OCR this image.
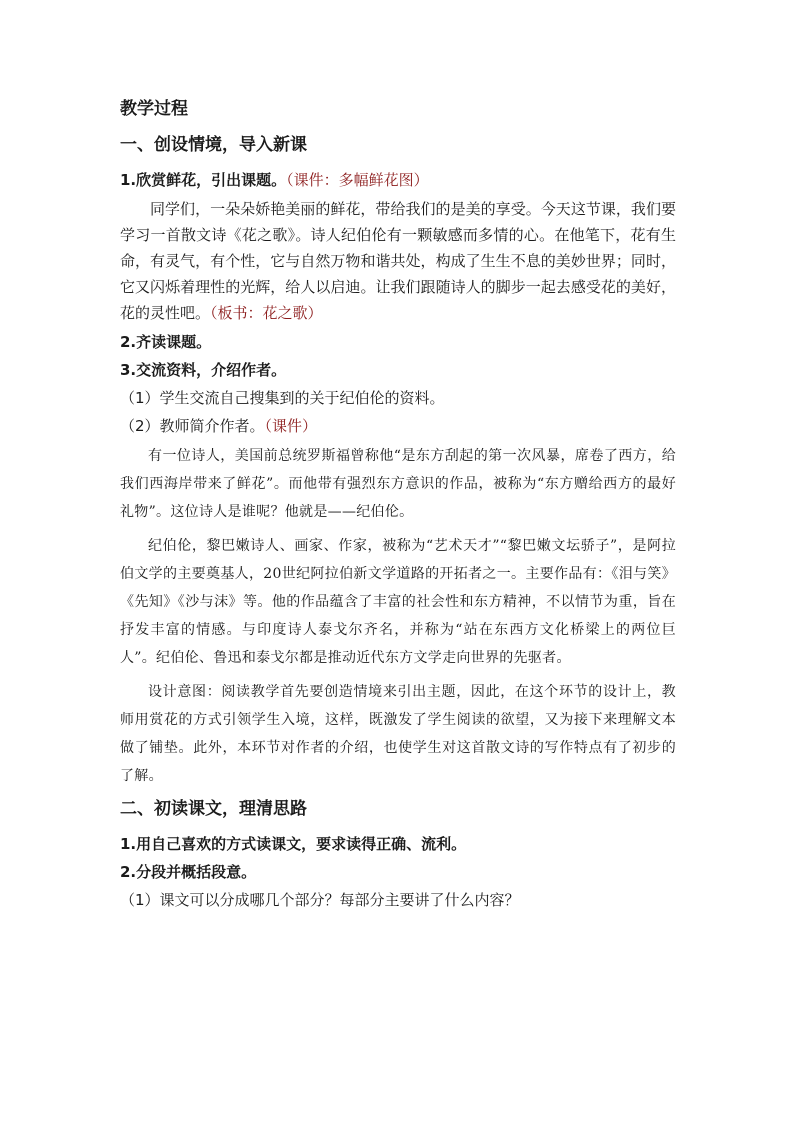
教学过程
一、创设情境，导入新课
1.欣赏鲜花，引出课题。（课件：多幅鲜花图）
同学们，一朵朵娇艳美丽的鲜花，带给我们的是美的享受。今天这节课，我们要学习一首散文诗《花之歌》。诗人纪伯伦有一颗敏感而多情的心。在他笔下，花有生命，有灵气，有个性，它与自然万物和谐共处，构成了生生不息的美妙世界；同时，它又闪烁着理性的光辉，给人以启迪。让我们跟随诗人的脚步一起去感受花的美好，花的灵性吧。（板书：花之歌）
2.齐读课题。
3.交流资料，介绍作者。
（1）学生交流自己搜集到的关于纪伯伦的资料。
（2）教师简介作者。（课件）
有一位诗人，美国前总统罗斯福曾称他“是东方刮起的第一次风暴，席卷了西方，给我们西海岸带来了鲜花”。而他带有强烈东方意识的作品，被称为“东方赠给西方的最好礼物”。这位诗人是谁呢？他就是——纪伯伦。
纪伯伦，黎巴嫩诗人、画家、作家，被称为“艺术天才”“黎巴嫩文坛骄子”，是阿拉伯文学的主要奠基人，20世纪阿拉伯新文学道路的开拓者之一。主要作品有：《泪与笑》《先知》《沙与沫》等。他的作品蕴含了丰富的社会性和东方精神，不以情节为重，旨在抒发丰富的情感。与印度诗人泰戈尔齐名，并称为“站在东西方文化桥梁上的两位巨人”。纪伯伦、鲁迅和泰戈尔都是推动近代东方文学走向世界的先驱者。
设计意图：阅读教学首先要创造情境来引出主题，因此，在这个环节的设计上，教师用赏花的方式引领学生入境，这样，既激发了学生阅读的欲望，又为接下来理解文本做了铺垫。此外，本环节对作者的介绍，也使学生对这首散文诗的写作特点有了初步的了解。
二、初读课文，理清思路
1.用自己喜欢的方式读课文，要求读得正确、流利。
2.分段并概括段意。
（1）课文可以分成哪几个部分？每部分主要讲了什么内容？
